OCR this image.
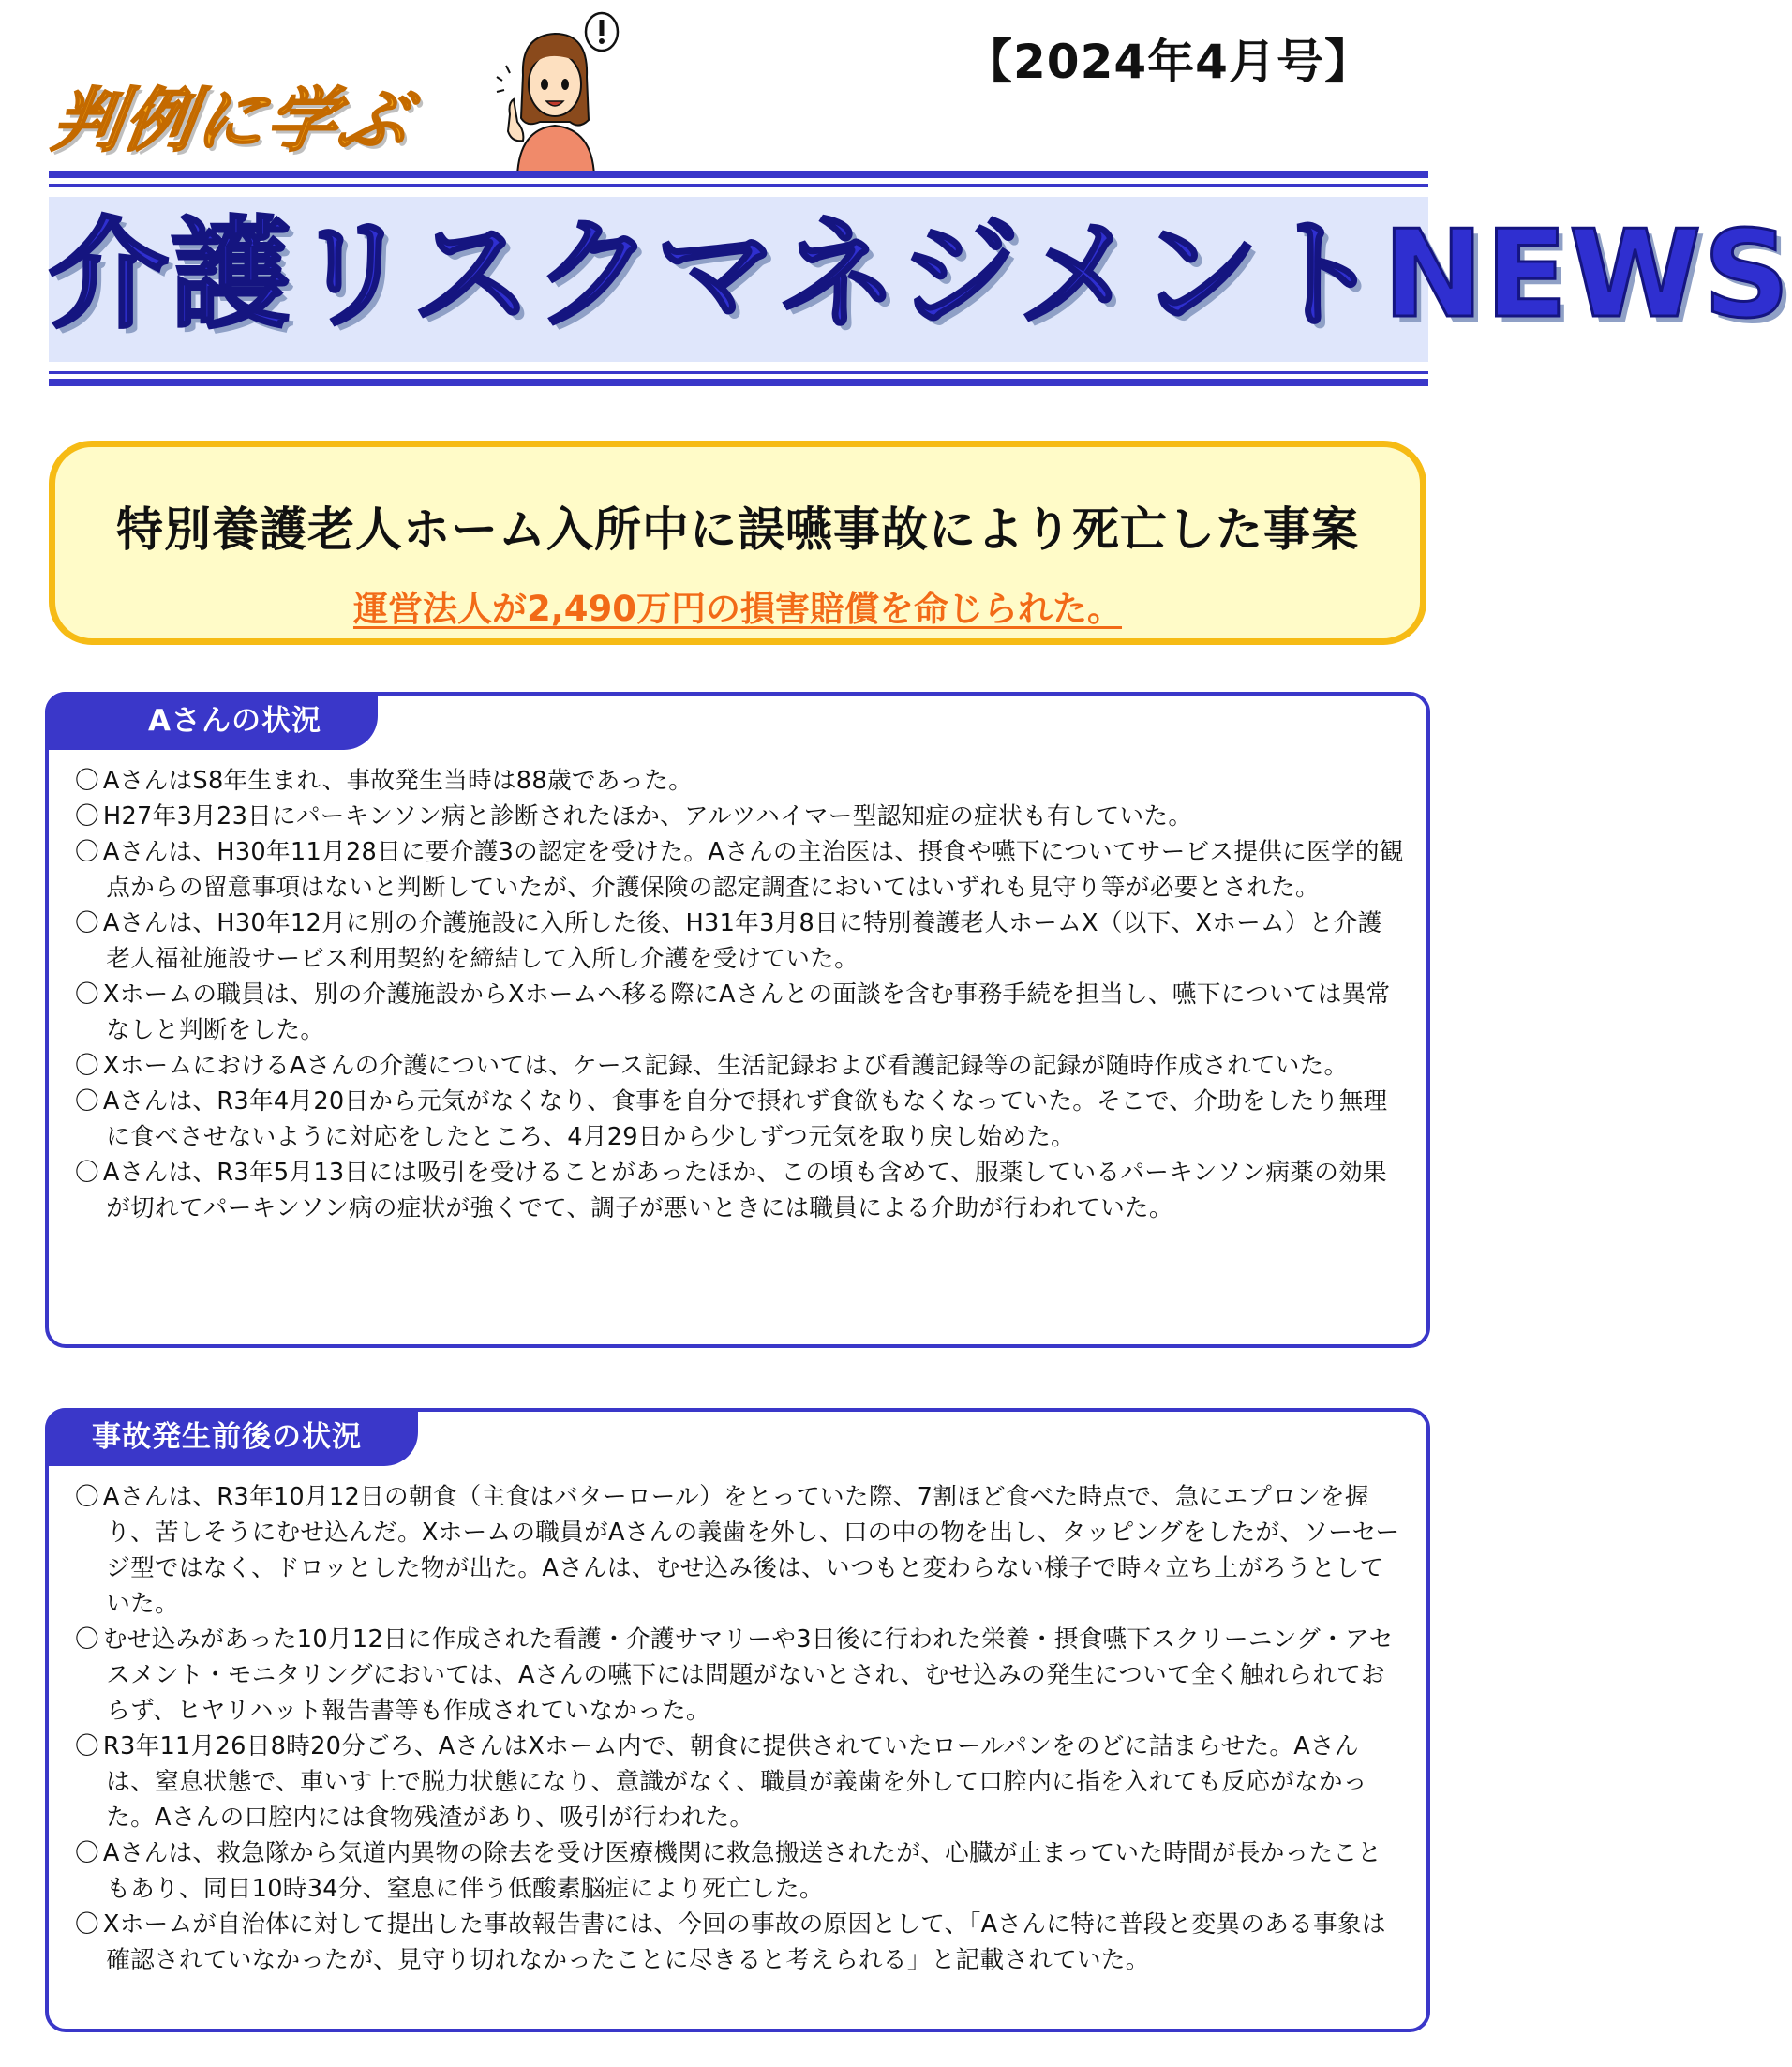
判例に学ぶ
【2024年4月号】
介護リスクマネジメントNEWS
特別養護老人ホーム入所中に誤嚥事故により死亡した事案
運営法人が2,490万円の損害賠償を命じられた。
Aさんの状況
〇 AさんはS8年生まれ、事故発生当時は88歳であった。
〇 H27年3月23日にパーキンソン病と診断されたほか、アルツハイマー型認知症の症状も有していた。
〇 Aさんは、H30年11月28日に要介護3の認定を受けた。Aさんの主治医は、摂食や嚥下についてサービス提供に医学的観点からの留意事項はないと判断していたが、介護保険の認定調査においてはいずれも見守り等が必要とされた。
〇 Aさんは、H30年12月に別の介護施設に入所した後、H31年3月8日に特別養護老人ホームX（以下、Xホーム）と介護老人福祉施設サービス利用契約を締結して入所し介護を受けていた。
〇 Xホームの職員は、別の介護施設からXホームへ移る際にAさんとの面談を含む事務手続を担当し、嚥下については異常なしと判断をした。
〇 XホームにおけるAさんの介護については、ケース記録、生活記録および看護記録等の記録が随時作成されていた。
〇 Aさんは、R3年4月20日から元気がなくなり、食事を自分で摂れず食欲もなくなっていた。そこで、介助をしたり無理に食べさせないように対応をしたところ、4月29日から少しずつ元気を取り戻し始めた。
〇 Aさんは、R3年5月13日には吸引を受けることがあったほか、この頃も含めて、服薬しているパーキンソン病薬の効果が切れてパーキンソン病の症状が強くでて、調子が悪いときには職員による介助が行われていた。
事故発生前後の状況
〇 Aさんは、R3年10月12日の朝食（主食はバターロール）をとっていた際、7割ほど食べた時点で、急にエプロンを握り、苦しそうにむせ込んだ。Xホームの職員がAさんの義歯を外し、口の中の物を出し、タッピングをしたが、ソーセージ型ではなく、ドロッとした物が出た。Aさんは、むせ込み後は、いつもと変わらない様子で時々立ち上がろうとしていた。
〇 むせ込みがあった10月12日に作成された看護・介護サマリーや3日後に行われた栄養・摂食嚥下スクリーニング・アセスメント・モニタリングにおいては、Aさんの嚥下には問題がないとされ、むせ込みの発生について全く触れられておらず、ヒヤリハット報告書等も作成されていなかった。
〇 R3年11月26日8時20分ごろ、AさんはXホーム内で、朝食に提供されていたロールパンをのどに詰まらせた。Aさんは、窒息状態で、車いす上で脱力状態になり、意識がなく、職員が義歯を外して口腔内に指を入れても反応がなかった。Aさんの口腔内には食物残渣があり、吸引が行われた。
〇 Aさんは、救急隊から気道内異物の除去を受け医療機関に救急搬送されたが、心臓が止まっていた時間が長かったこともあり、同日10時34分、窒息に伴う低酸素脳症により死亡した。
〇 Xホームが自治体に対して提出した事故報告書には、今回の事故の原因として、「Aさんに特に普段と変異のある事象は確認されていなかったが、見守り切れなかったことに尽きると考えられる」と記載されていた。
